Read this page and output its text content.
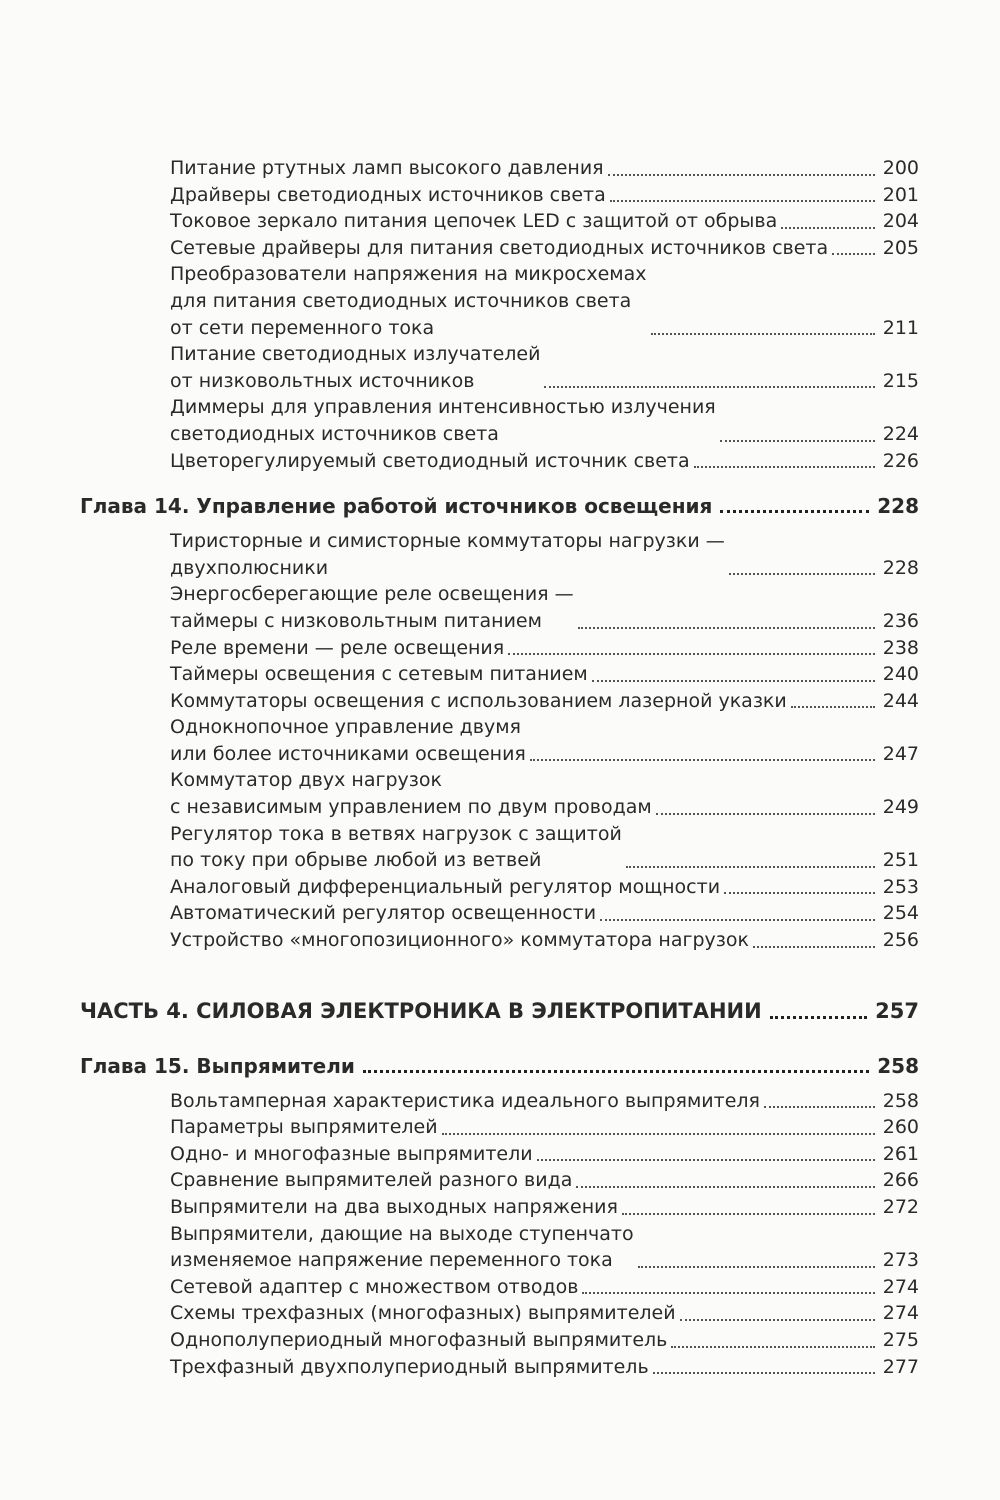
Питание ртутных ламп высокого давления	200
Драйверы светодиодных источников света	201
Токовое зеркало питания цепочек LED с защитой от обрыва	204
Сетевые драйверы для питания светодиодных источников света	205
Преобразователи напряжения на микросхемах
для питания светодиодных источников света
от сети переменного тока	211
Питание светодиодных излучателей
от низковольтных источников	215
Диммеры для управления интенсивностью излучения
светодиодных источников света	224
Цветорегулируемый светодиодный источник света	226
Глава 14. Управление работой источников освещения	228
Тиристорные и симисторные коммутаторы нагрузки —
двухполюсники	228
Энергосберегающие реле освещения —
таймеры с низковольтным питанием	236
Реле времени — реле освещения	238
Таймеры освещения с сетевым питанием	240
Коммутаторы освещения с использованием лазерной указки	244
Однокнопочное управление двумя
или более источниками освещения	247
Коммутатор двух нагрузок
с независимым управлением по двум проводам	249
Регулятор тока в ветвях нагрузок с защитой
по току при обрыве любой из ветвей	251
Аналоговый дифференциальный регулятор мощности	253
Автоматический регулятор освещенности	254
Устройство «многопозиционного» коммутатора нагрузок	256
ЧАСТЬ 4. СИЛОВАЯ ЭЛЕКТРОНИКА В ЭЛЕКТРОПИТАНИИ	257
Глава 15. Выпрямители	258
Вольтамперная характеристика идеального выпрямителя	258
Параметры выпрямителей	260
Одно- и многофазные выпрямители	261
Сравнение выпрямителей разного вида	266
Выпрямители на два выходных напряжения	272
Выпрямители, дающие на выходе ступенчато
изменяемое напряжение переменного тока	273
Сетевой адаптер с множеством отводов	274
Схемы трехфазных (многофазных) выпрямителей	274
Однополупериодный многофазный выпрямитель	275
Трехфазный двухполупериодный выпрямитель	277
